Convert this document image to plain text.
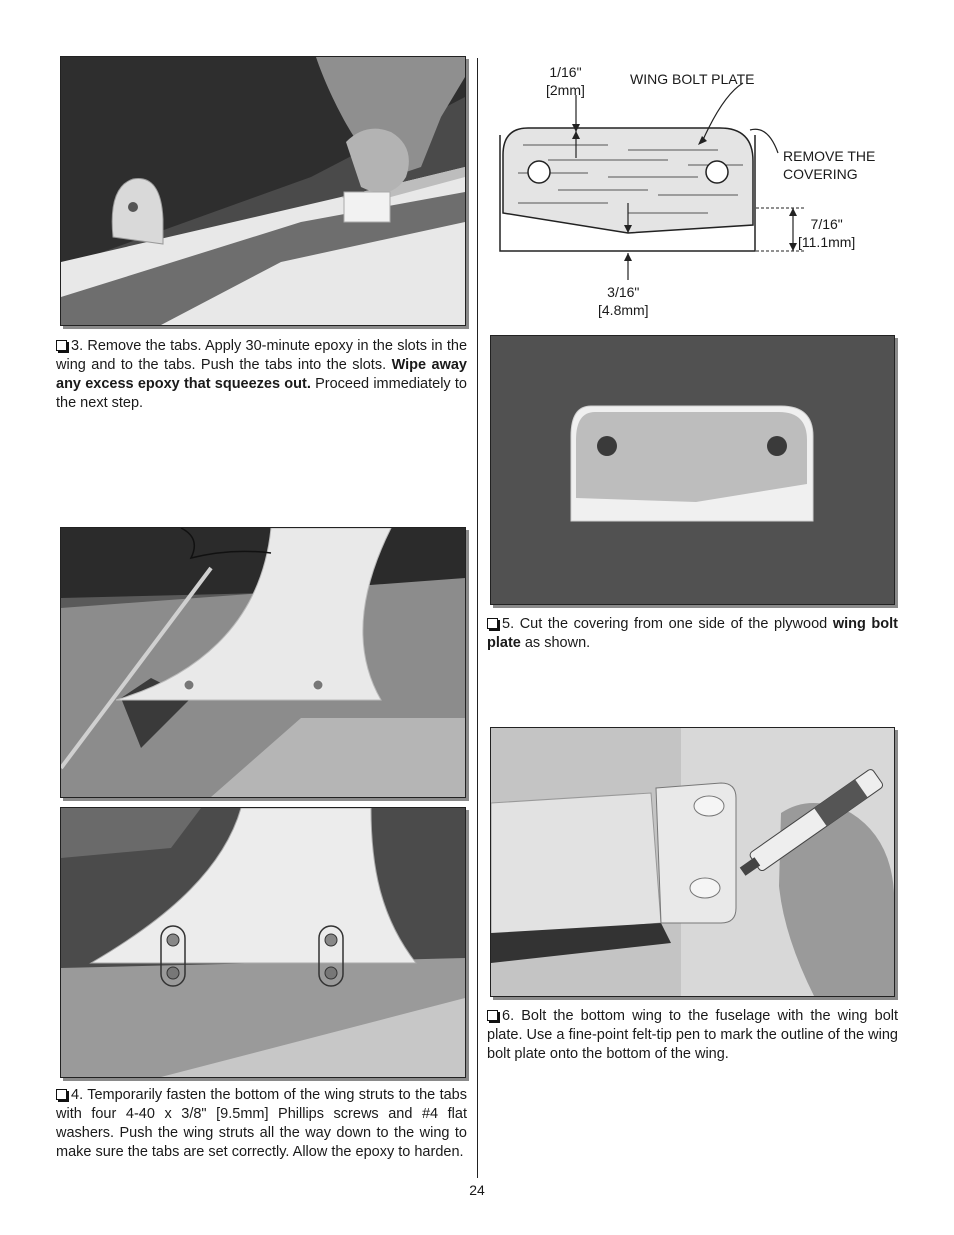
3. Remove the tabs. Apply 30-minute epoxy in the slots in the wing and to the tabs. Push the tabs into the slots. Wipe away any excess epoxy that squeezes out. Proceed immediately to the next step.

4. Temporarily fasten the bottom of the wing struts to the tabs with four 4-40 x 3/8" [9.5mm] Phillips screws and #4 flat washers. Push the wing struts all the way down to the wing to make sure the tabs are set correctly. Allow the epoxy to harden.

1/16"
[2mm]
WING BOLT PLATE
REMOVE THE
COVERING
7/16"
[11.1mm]
3/16"
[4.8mm]

5. Cut the covering from one side of the plywood wing bolt plate as shown.

6. Bolt the bottom wing to the fuselage with the wing bolt plate. Use a fine-point felt-tip pen to mark the outline of the wing bolt plate onto the bottom of the wing.

24
